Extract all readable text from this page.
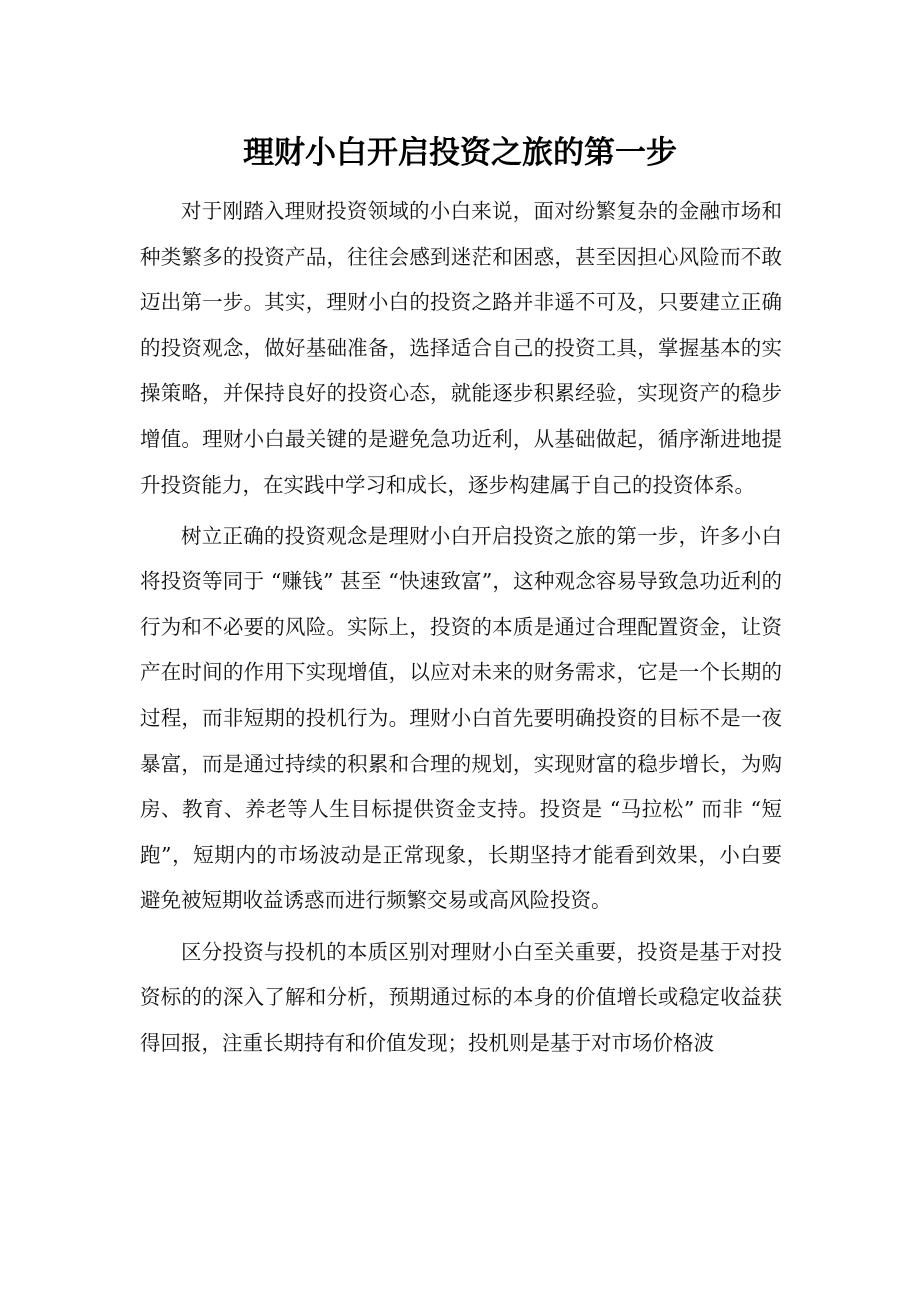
理财小白开启投资之旅的第一步

对于刚踏入理财投资领域的小白来说，面对纷繁复杂的金融市场和种类繁多的投资产品，往往会感到迷茫和困惑，甚至因担心风险而不敢迈出第一步。其实，理财小白的投资之路并非遥不可及，只要建立正确的投资观念，做好基础准备，选择适合自己的投资工具，掌握基本的实操策略，并保持良好的投资心态，就能逐步积累经验，实现资产的稳步增值。理财小白最关键的是避免急功近利，从基础做起，循序渐进地提升投资能力，在实践中学习和成长，逐步构建属于自己的投资体系。

树立正确的投资观念是理财小白开启投资之旅的第一步，许多小白将投资等同于 “赚钱” 甚至 “快速致富”，这种观念容易导致急功近利的行为和不必要的风险。实际上，投资的本质是通过合理配置资金，让资产在时间的作用下实现增值，以应对未来的财务需求，它是一个长期的过程，而非短期的投机行为。理财小白首先要明确投资的目标不是一夜暴富，而是通过持续的积累和合理的规划，实现财富的稳步增长，为购房、教育、养老等人生目标提供资金支持。投资是 “马拉松” 而非 “短跑”，短期内的市场波动是正常现象，长期坚持才能看到效果，小白要避免被短期收益诱惑而进行频繁交易或高风险投资。

区分投资与投机的本质区别对理财小白至关重要，投资是基于对投资标的的深入了解和分析，预期通过标的本身的价值增长或稳定收益获得回报，注重长期持有和价值发现；投机则是基于对市场价格波
